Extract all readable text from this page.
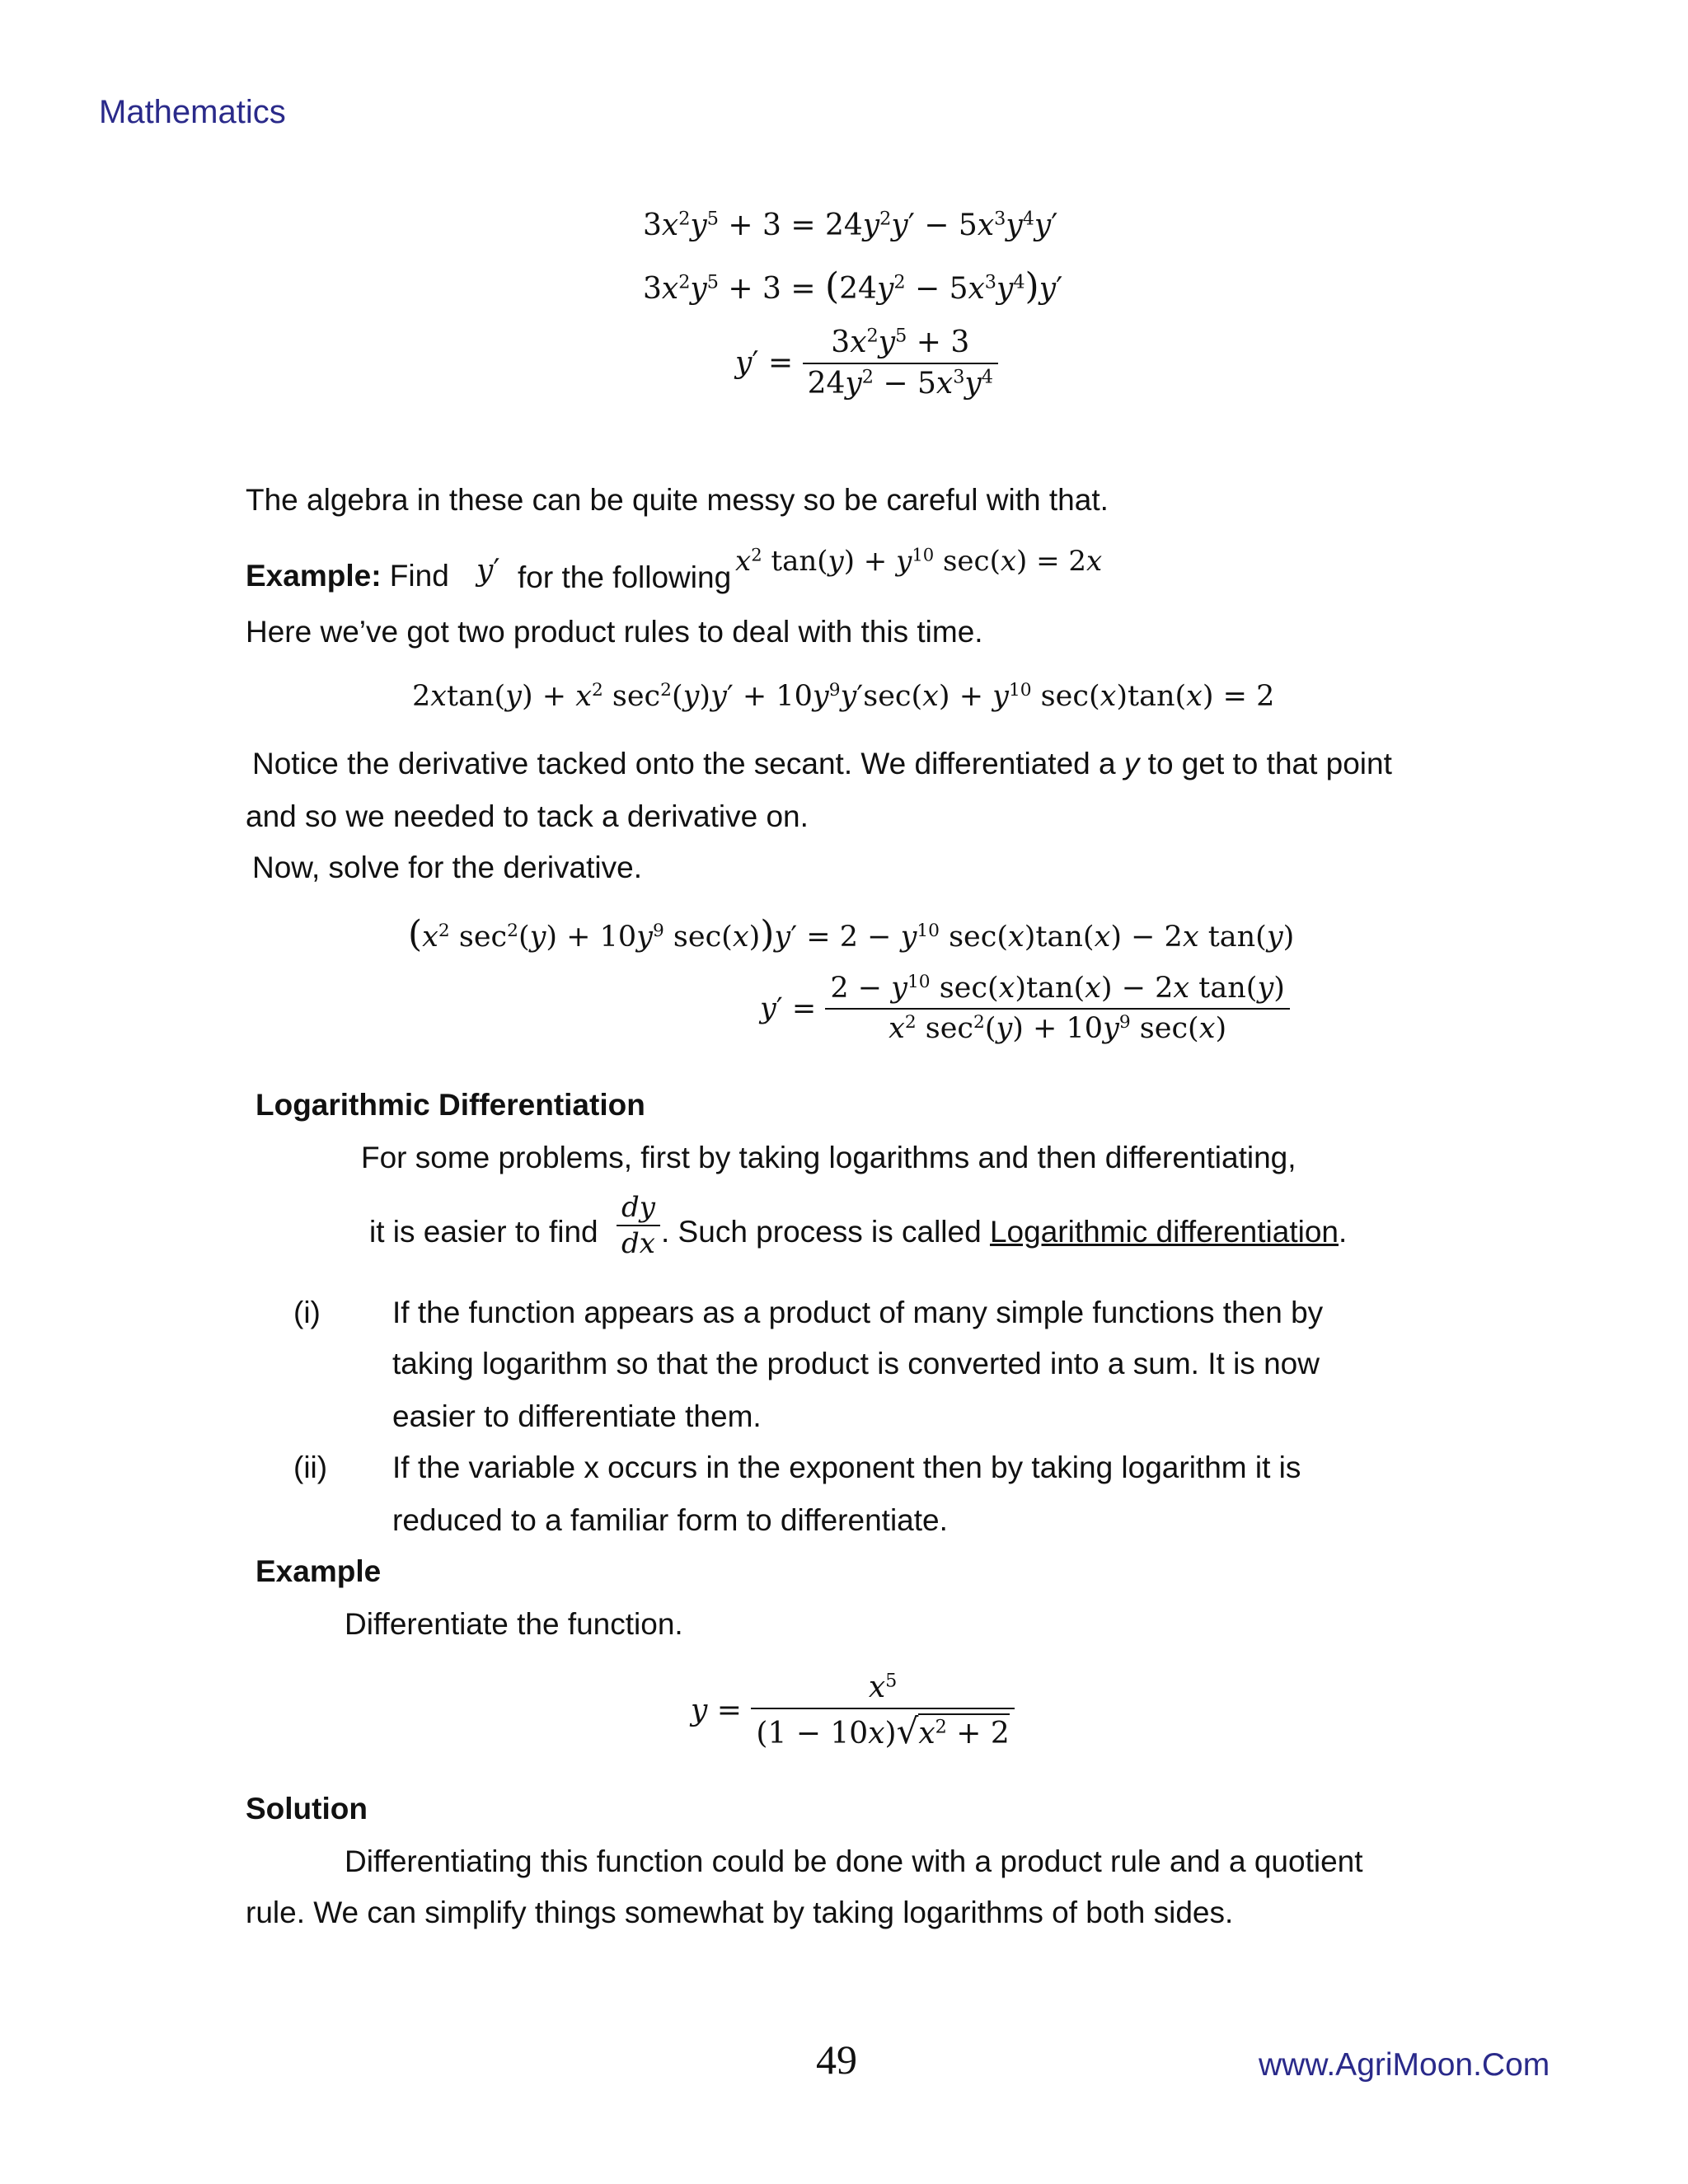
Mathematics
$3x^2y^5 + 3 = 24y^2y' - 5x^3y^4y'$
$3x^2y^5 + 3 = (24y^2 - 5x^3y^4)y'$
$y' = \frac{3x^2y^5 + 3}{24y^2 - 5x^3y^4}$
The algebra in these can be quite messy so be careful with that.
Example: Find y′ for the following $x^2$ $\tan(y) + y^{10}$ sec(x) = 2x
Here we’ve got two product rules to deal with this time.
$2xtan(y) + x^2$ $\sec^2(y)y' + 10y^9y'\sec(x) + y^{10}$ sec(x)tan(x) = 2
Notice the derivative tacked onto the secant. We differentiated a y to get to that point
and so we needed to tack a derivative on.
Now, solve for the derivative.
($x^2$ $\sec^2(y) + 10y^9$ $\sec(x))y' = 2 - y^{10}$ sec(x)tan(x) − 2x tan(y)
$y' = \frac{2 - y^{10} \sec(x)\tan(x) - 2x \tan(y)}{x^2 \sec^2(y) + 10y^9 \sec(x)}$
Logarithmic Differentiation
For some problems, first by taking logarithms and then differentiating,
it is easier to find $\frac{dy}{dx}$ . Such process is called Logarithmic differentiation.
(i) If the function appears as a product of many simple functions then by
taking logarithm so that the product is converted into a sum. It is now
easier to differentiate them.
(ii) If the variable x occurs in the exponent then by taking logarithm it is
reduced to a familiar form to differentiate.
Example
Differentiate the function.
$y = \frac{x^5}{(1 - 10x)√x^2 + 2}$
Solution
Differentiating this function could be done with a product rule and a quotient
rule. We can simplify things somewhat by taking logarithms of both sides.
49	www.AgriMoon.Com
